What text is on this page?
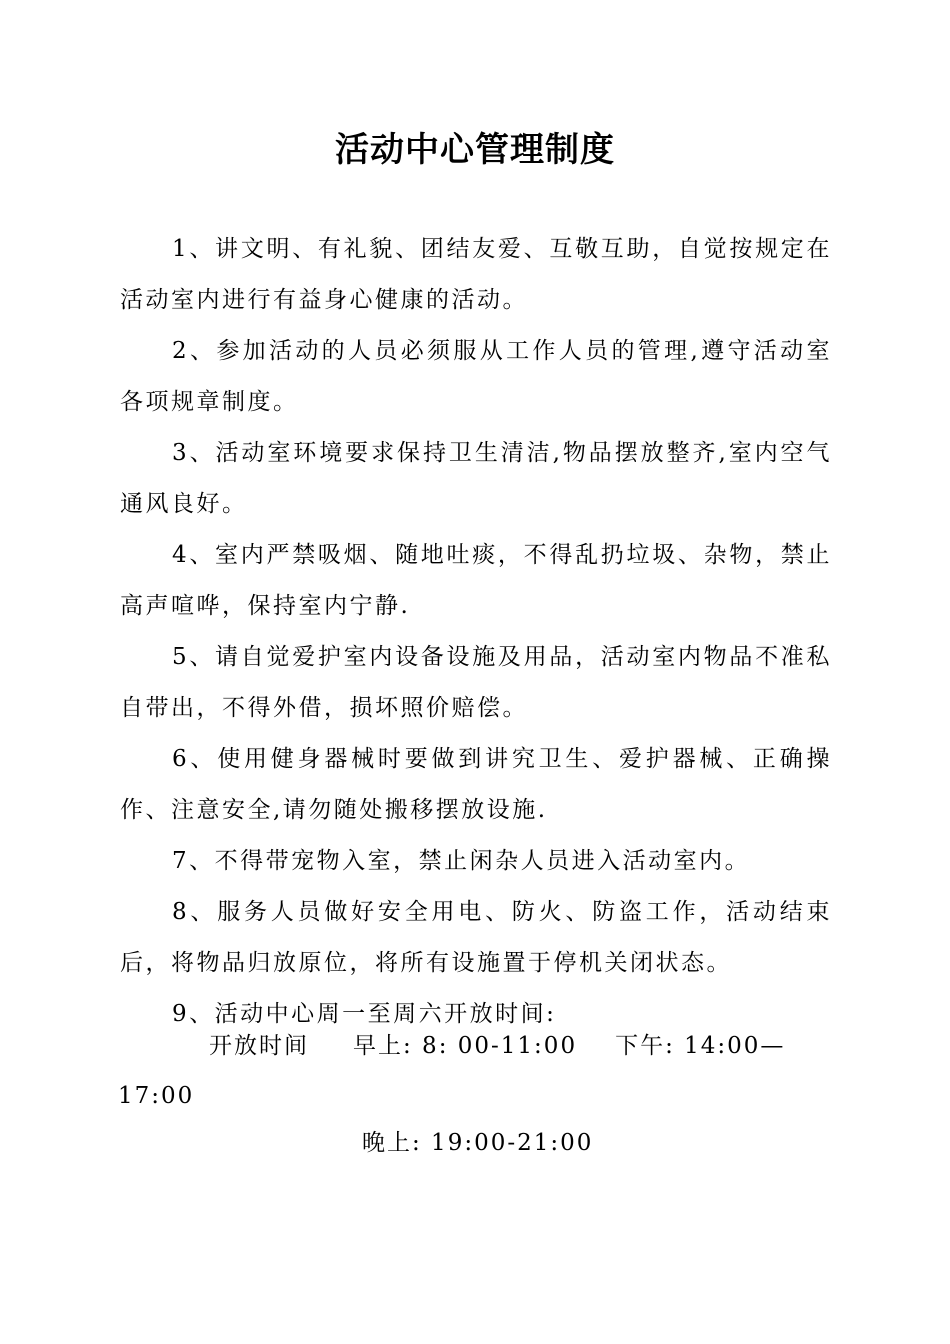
活动中心管理制度

1、讲文明、有礼貌、团结友爱、互敬互助，自觉按规定在活动室内进行有益身心健康的活动。

2、参加活动的人员必须服从工作人员的管理,遵守活动室各项规章制度。

3、活动室环境要求保持卫生清洁,物品摆放整齐,室内空气通风良好。

4、室内严禁吸烟、随地吐痰，不得乱扔垃圾、杂物，禁止高声喧哗，保持室内宁静.

5、请自觉爱护室内设备设施及用品，活动室内物品不准私自带出，不得外借，损坏照价赔偿。

6、使用健身器械时要做到讲究卫生、爱护器械、正确操作、注意安全,请勿随处搬移摆放设施.

7、不得带宠物入室，禁止闲杂人员进入活动室内。

8、服务人员做好安全用电、防火、防盗工作，活动结束后，将物品归放原位，将所有设施置于停机关闭状态。

9、活动中心周一至周六开放时间:

开放时间 早上: 8: 00-11:00 下午: 14:00—
17:00
晚上: 19:00-21:00
